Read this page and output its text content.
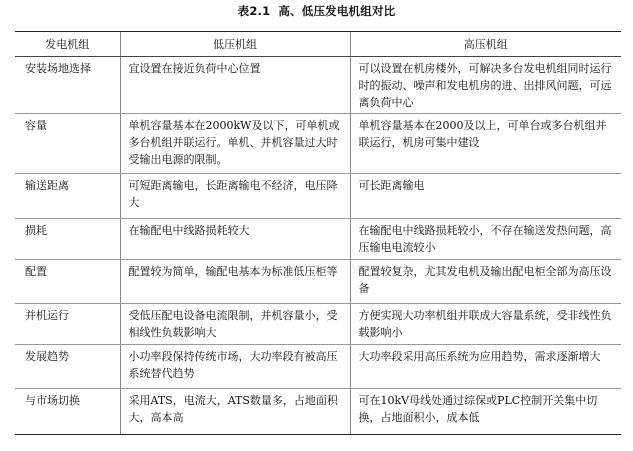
表2.1 高、低压发电机组对比
发电机组	低压机组	高压机组
安装场地选择	宜设置在接近负荷中心位置	可以设置在机房楼外，可解决多台发电机组同时运行时的振动、噪声和发电机房的进、出排风问题，可远离负荷中心
容量	单机容量基本在2000kW及以下，可单机或多台机组并联运行。单机、并机容量过大时受输出电源的限制。	单机容量基本在2000及以上，可单台或多台机组并联运行，机房可集中建设
输送距离	可短距离输电，长距离输电不经济，电压降大	可长距离输电
损耗	在输配电中线路损耗较大	在输配电中线路损耗较小，不存在输送发热问题，高压输电电流较小
配置	配置较为简单，输配电基本为标准低压柜等	配置较复杂，尤其发电机及输出配电柜全部为高压设备
并机运行	受低压配电设备电流限制，并机容量小，受相线性负载影响大	方便实现大功率机组并联成大容量系统，受非线性负载影响小
发展趋势	小功率段保持传统市场，大功率段有被高压系统替代趋势	大功率段采用高压系统为应用趋势，需求逐渐增大
与市场切换	采用ATS，电流大，ATS数量多，占地面积大，高本高	可在10kV母线处通过综保或PLC控制开关集中切换，占地面积小，成本低
